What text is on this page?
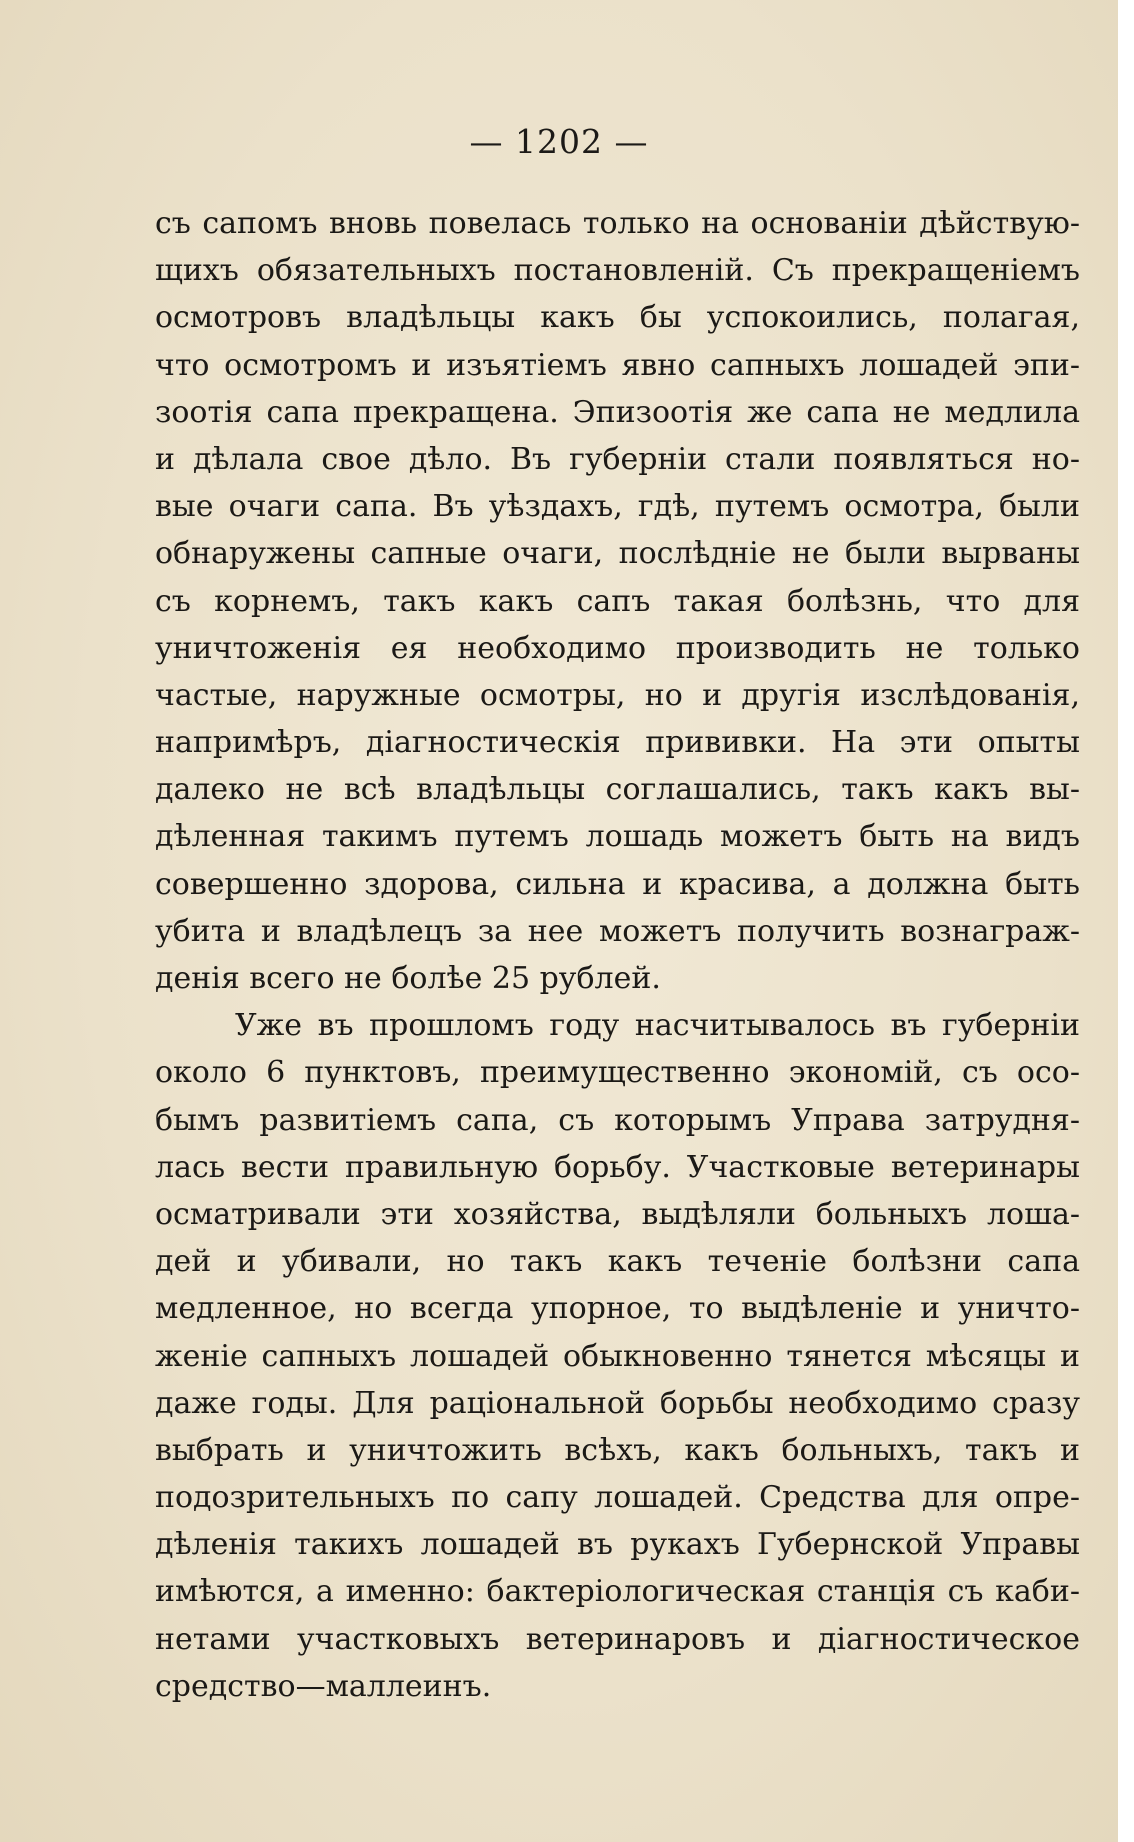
— 1202 —
съ сапомъ вновь повелась только на основанiи дѣйствую-
щихъ обязательныхъ постановленiй. Съ прекращенiемъ
осмотровъ владѣльцы какъ бы успокоились, полагая,
что осмотромъ и изъятiемъ явно сапныхъ лошадей эпи-
зоотiя сапа прекращена. Эпизоотiя же сапа не медлила
и дѣлала свое дѣло. Въ губернiи стали появляться но-
вые очаги сапа. Въ уѣздахъ, гдѣ, путемъ осмотра, были
обнаружены сапные очаги, послѣднiе не были вырваны
съ корнемъ, такъ какъ сапъ такая болѣзнь, что для
уничтоженiя ея необходимо производить не только
частые, наружные осмотры, но и другiя изслѣдованiя,
напримѣръ, дiагностическiя прививки. На эти опыты
далеко не всѣ владѣльцы соглашались, такъ какъ вы-
дѣленная такимъ путемъ лошадь можетъ быть на видъ
совершенно здорова, сильна и красива, а должна быть
убита и владѣлецъ за нее можетъ получить вознаграж-
денiя всего не болѣе 25 рублей.
Уже въ прошломъ году насчитывалось въ губернiи
около 6 пунктовъ, преимущественно экономiй, съ осо-
бымъ развитiемъ сапа, съ которымъ Управа затрудня-
лась вести правильную борьбу. Участковые ветеринары
осматривали эти хозяйства, выдѣляли больныхъ лоша-
дей и убивали, но такъ какъ теченiе болѣзни сапа
медленное, но всегда упорное, то выдѣленiе и уничто-
женiе сапныхъ лошадей обыкновенно тянется мѣсяцы и
даже годы. Для рацiональной борьбы необходимо сразу
выбрать и уничтожить всѣхъ, какъ больныхъ, такъ и
подозрительныхъ по сапу лошадей. Средства для опре-
дѣленiя такихъ лошадей въ рукахъ Губернской Управы
имѣются, а именно: бактерiологическая станцiя съ каби-
нетами участковыхъ ветеринаровъ и дiагностическое
средство—маллеинъ.
